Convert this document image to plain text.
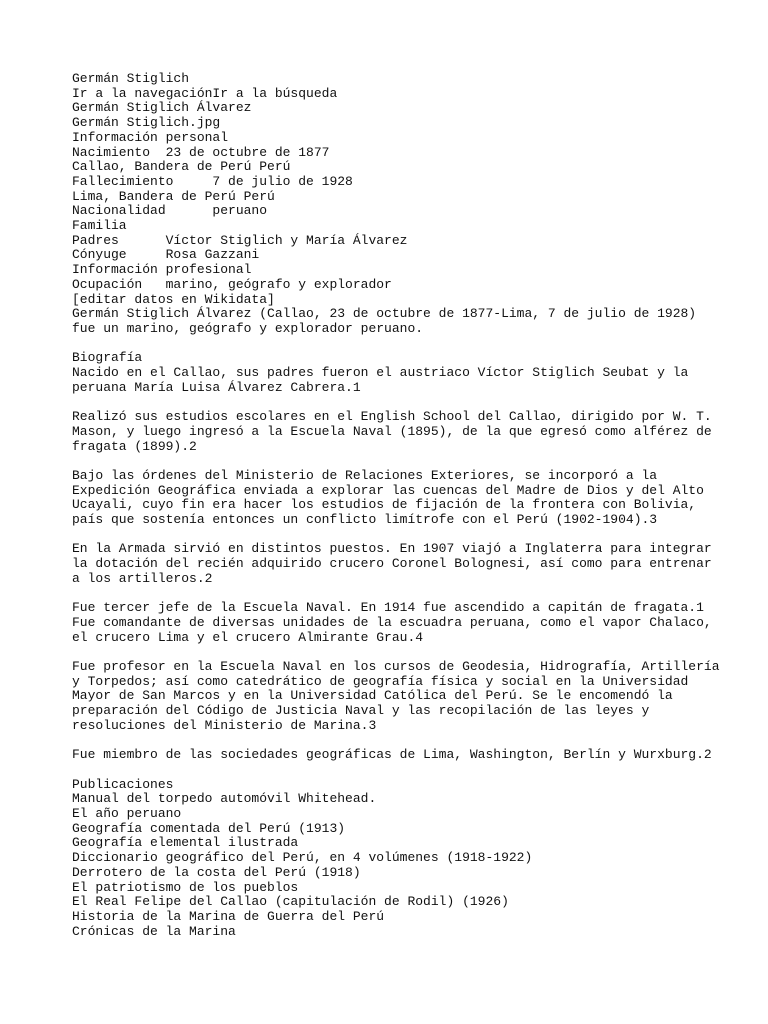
Germán Stiglich
Ir a la navegaciónIr a la búsqueda
Germán Stiglich Álvarez
Germán Stiglich.jpg
Información personal
Nacimiento  23 de octubre de 1877
Callao, Bandera de Perú Perú
Fallecimiento     7 de julio de 1928
Lima, Bandera de Perú Perú
Nacionalidad      peruano
Familia
Padres      Víctor Stiglich y María Álvarez
Cónyuge     Rosa Gazzani
Información profesional
Ocupación   marino, geógrafo y explorador
[editar datos en Wikidata]
Germán Stiglich Álvarez (Callao, 23 de octubre de 1877-Lima, 7 de julio de 1928)
fue un marino, geógrafo y explorador peruano.
Biografía
Nacido en el Callao, sus padres fueron el austriaco Víctor Stiglich Seubat y la
peruana María Luisa Álvarez Cabrera.1
Realizó sus estudios escolares en el English School del Callao, dirigido por W. T.
Mason, y luego ingresó a la Escuela Naval (1895), de la que egresó como alférez de
fragata (1899).2
Bajo las órdenes del Ministerio de Relaciones Exteriores, se incorporó a la
Expedición Geográfica enviada a explorar las cuencas del Madre de Dios y del Alto
Ucayali, cuyo fin era hacer los estudios de fijación de la frontera con Bolivia,
país que sostenía entonces un conflicto limítrofe con el Perú (1902-1904).3
En la Armada sirvió en distintos puestos. En 1907 viajó a Inglaterra para integrar
la dotación del recién adquirido crucero Coronel Bolognesi, así como para entrenar
a los artilleros.2
Fue tercer jefe de la Escuela Naval. En 1914 fue ascendido a capitán de fragata.1
Fue comandante de diversas unidades de la escuadra peruana, como el vapor Chalaco,
el crucero Lima y el crucero Almirante Grau.4
Fue profesor en la Escuela Naval en los cursos de Geodesia, Hidrografía, Artillería
y Torpedos; así como catedrático de geografía física y social en la Universidad
Mayor de San Marcos y en la Universidad Católica del Perú. Se le encomendó la
preparación del Código de Justicia Naval y las recopilación de las leyes y
resoluciones del Ministerio de Marina.3
Fue miembro de las sociedades geográficas de Lima, Washington, Berlín y Wurxburg.2
Publicaciones
Manual del torpedo automóvil Whitehead.
El año peruano
Geografía comentada del Perú (1913)
Geografía elemental ilustrada
Diccionario geográfico del Perú, en 4 volúmenes (1918-1922)
Derrotero de la costa del Perú (1918)
El patriotismo de los pueblos
El Real Felipe del Callao (capitulación de Rodil) (1926)
Historia de la Marina de Guerra del Perú
Crónicas de la Marina
